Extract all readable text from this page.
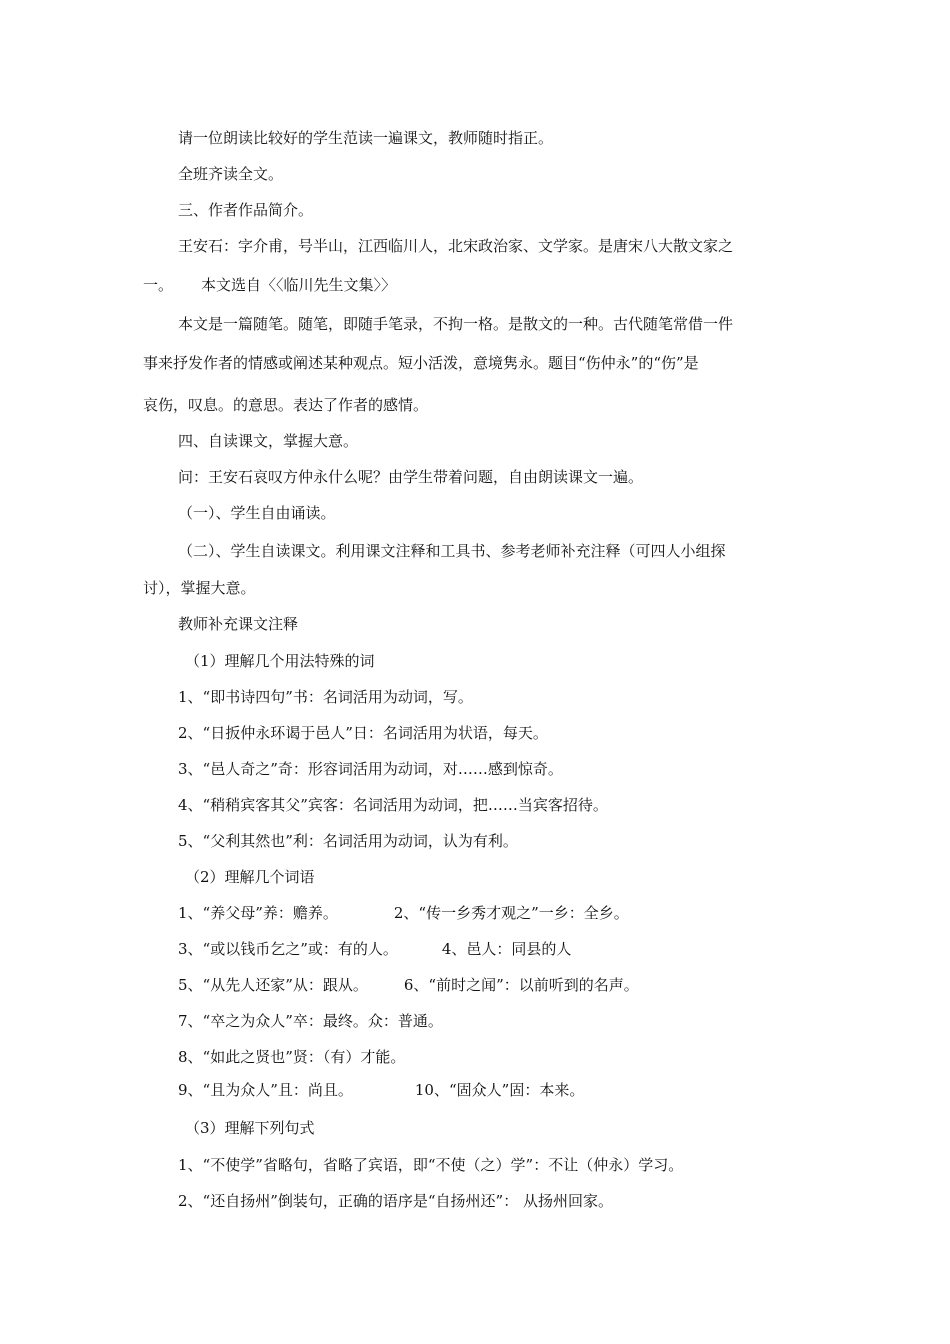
请一位朗读比较好的学生范读一遍课文，教师随时指正。
全班齐读全文。
三、作者作品简介。
王安石：字介甫，号半山，江西临川人，北宋政治家、文学家。是唐宋八大散文家之
一。 本文选自〈〈临川先生文集〉〉
本文是一篇随笔。随笔，即随手笔录，不拘一格。是散文的一种。古代随笔常借一件
事来抒发作者的情感或阐述某种观点。短小活泼，意境隽永。题目“伤仲永”的“伤”是
哀伤，叹息。的意思。表达了作者的感情。
四、自读课文，掌握大意。
问：王安石哀叹方仲永什么呢？由学生带着问题，自由朗读课文一遍。
（一）、学生自由诵读。
（二）、学生自读课文。利用课文注释和工具书、参考老师补充注释（可四人小组探
讨），掌握大意。
教师补充课文注释
（1）理解几个用法特殊的词
1、“即书诗四句”书：名词活用为动词，写。
2、“日扳仲永环谒于邑人”日：名词活用为状语，每天。
3、“邑人奇之”奇：形容词活用为动词，对……感到惊奇。
4、“稍稍宾客其父”宾客：名词活用为动词，把……当宾客招待。
5、“父利其然也”利：名词活用为动词，认为有利。
（2）理解几个词语
1、“养父母”养：赡养。	2、“传一乡秀才观之”一乡：全乡。
3、“或以钱币乞之”或：有的人。	4、邑人：同县的人
5、“从先人还家”从：跟从。 6、“前时之闻”：以前听到的名声。
7、“卒之为众人”卒：最终。众：普通。
8、“如此之贤也”贤：（有）才能。
9、“且为众人”且：尚且。	10、“固众人”固：本来。
（3）理解下列句式
1、“不使学”省略句，省略了宾语，即“不使（之）学”：不让（仲永）学习。
2、“还自扬州”倒装句，正确的语序是“自扬州还”： 从扬州回家。
